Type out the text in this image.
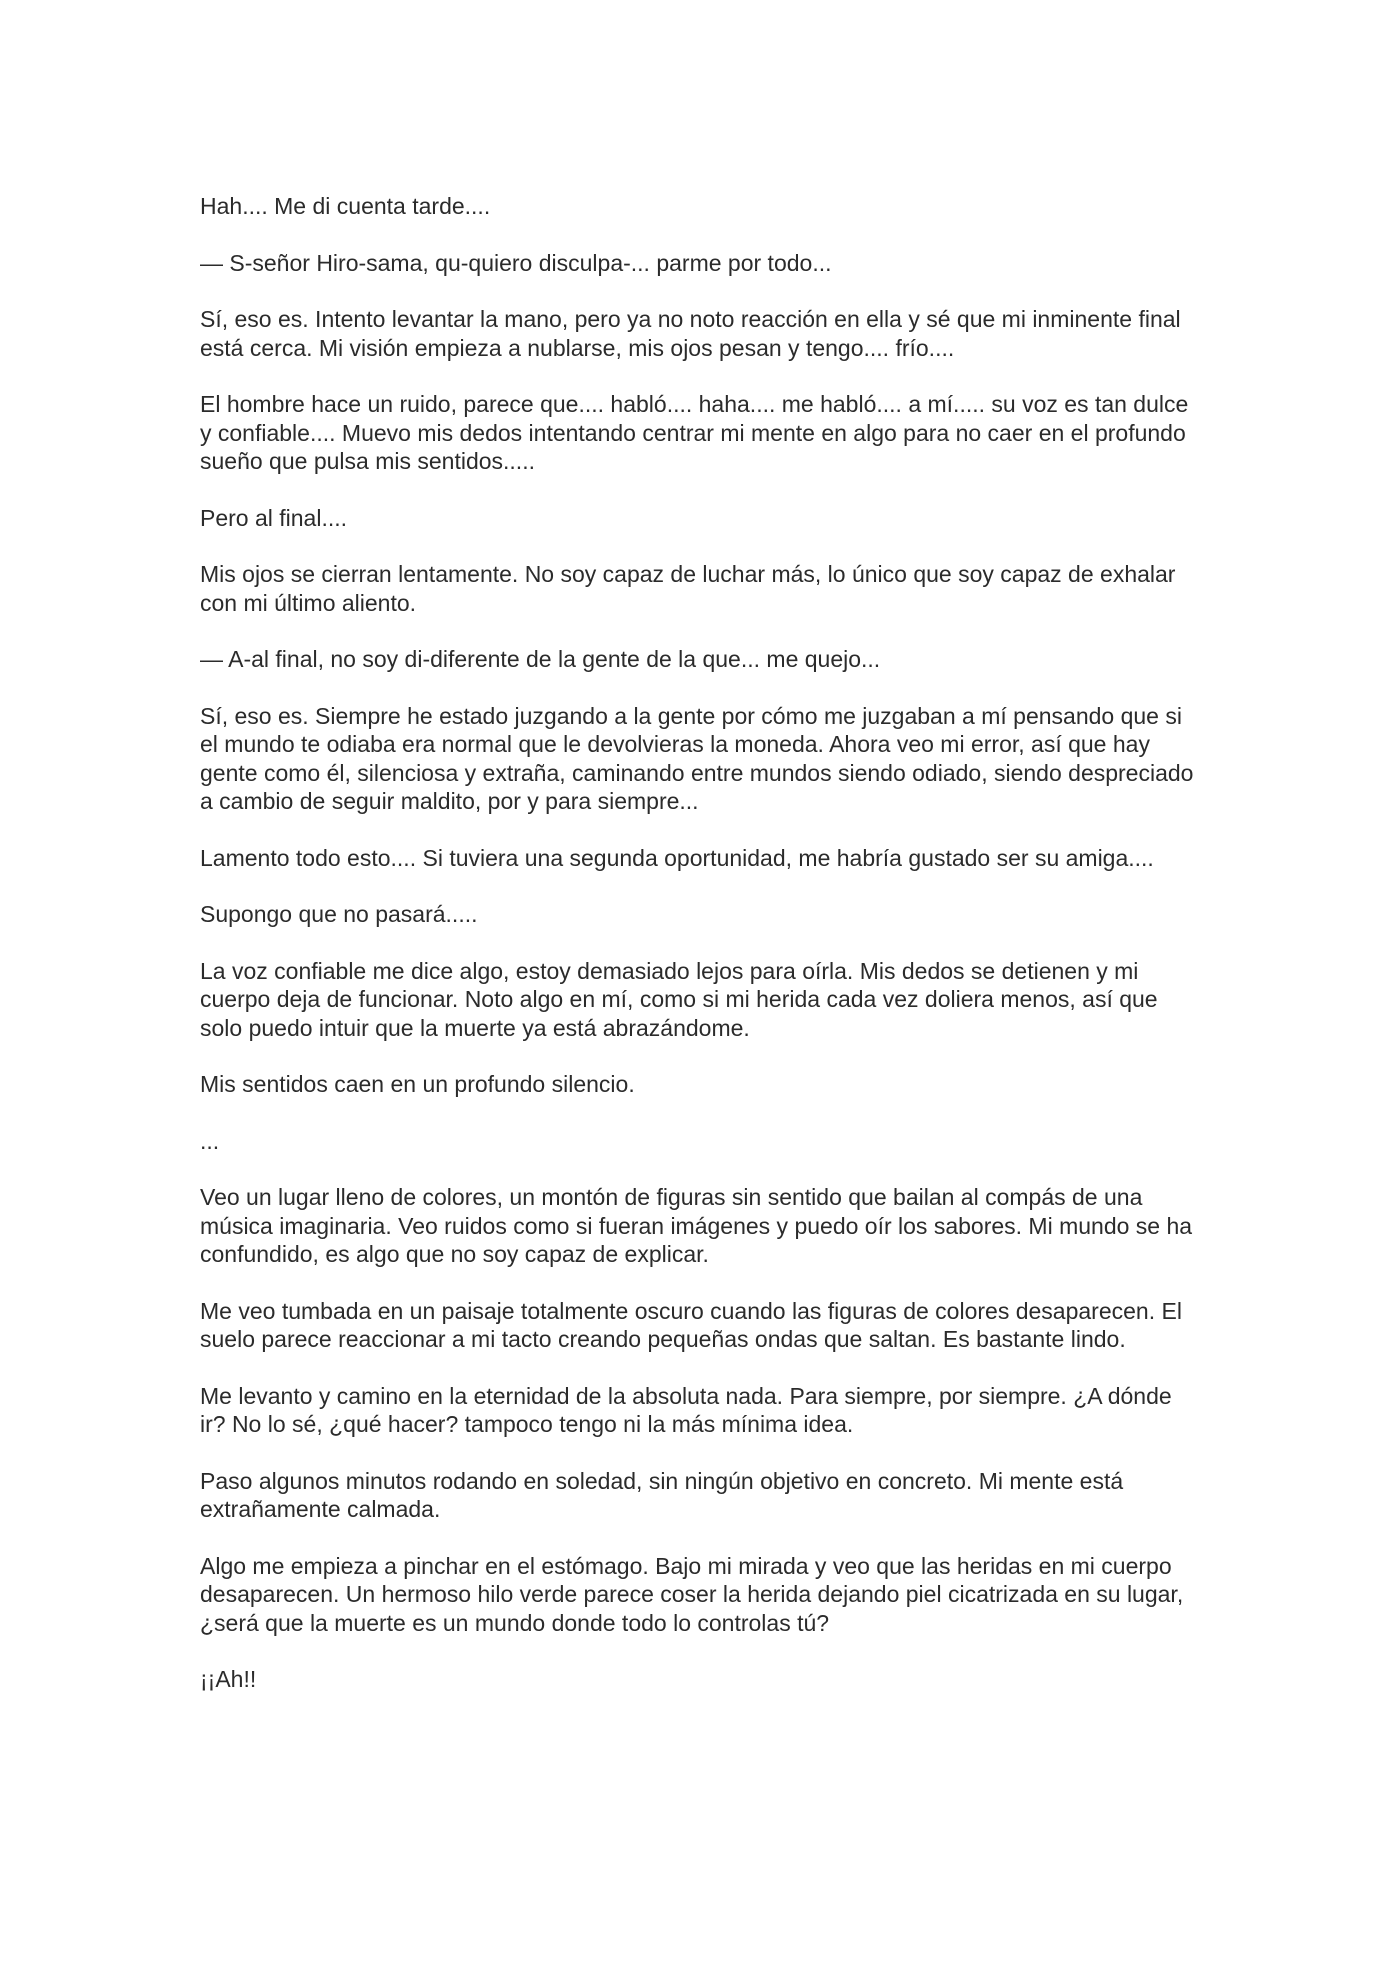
Hah.... Me di cuenta tarde....

— S-señor Hiro-sama, qu-quiero disculpa-... parme por todo...

Sí, eso es. Intento levantar la mano, pero ya no noto reacción en ella y sé que mi inminente final está cerca. Mi visión empieza a nublarse, mis ojos pesan y tengo.... frío....

El hombre hace un ruido, parece que.... habló.... haha.... me habló.... a mí..... su voz es tan dulce y confiable.... Muevo mis dedos intentando centrar mi mente en algo para no caer en el profundo sueño que pulsa mis sentidos.....

Pero al final....

Mis ojos se cierran lentamente. No soy capaz de luchar más, lo único que soy capaz de exhalar con mi último aliento.

— A-al final, no soy di-diferente de la gente de la que... me quejo...

Sí, eso es. Siempre he estado juzgando a la gente por cómo me juzgaban a mí pensando que si el mundo te odiaba era normal que le devolvieras la moneda. Ahora veo mi error, así que hay gente como él, silenciosa y extraña, caminando entre mundos siendo odiado, siendo despreciado a cambio de seguir maldito, por y para siempre...

Lamento todo esto.... Si tuviera una segunda oportunidad, me habría gustado ser su amiga....

Supongo que no pasará.....

La voz confiable me dice algo, estoy demasiado lejos para oírla. Mis dedos se detienen y mi cuerpo deja de funcionar. Noto algo en mí, como si mi herida cada vez doliera menos, así que solo puedo intuir que la muerte ya está abrazándome.

Mis sentidos caen en un profundo silencio.

...

Veo un lugar lleno de colores, un montón de figuras sin sentido que bailan al compás de una música imaginaria. Veo ruidos como si fueran imágenes y puedo oír los sabores. Mi mundo se ha confundido, es algo que no soy capaz de explicar.

Me veo tumbada en un paisaje totalmente oscuro cuando las figuras de colores desaparecen. El suelo parece reaccionar a mi tacto creando pequeñas ondas que saltan. Es bastante lindo.

Me levanto y camino en la eternidad de la absoluta nada. Para siempre, por siempre. ¿A dónde ir? No lo sé, ¿qué hacer? tampoco tengo ni la más mínima idea.

Paso algunos minutos rodando en soledad, sin ningún objetivo en concreto. Mi mente está extrañamente calmada.

Algo me empieza a pinchar en el estómago. Bajo mi mirada y veo que las heridas en mi cuerpo desaparecen. Un hermoso hilo verde parece coser la herida dejando piel cicatrizada en su lugar, ¿será que la muerte es un mundo donde todo lo controlas tú?

¡¡Ah!!
